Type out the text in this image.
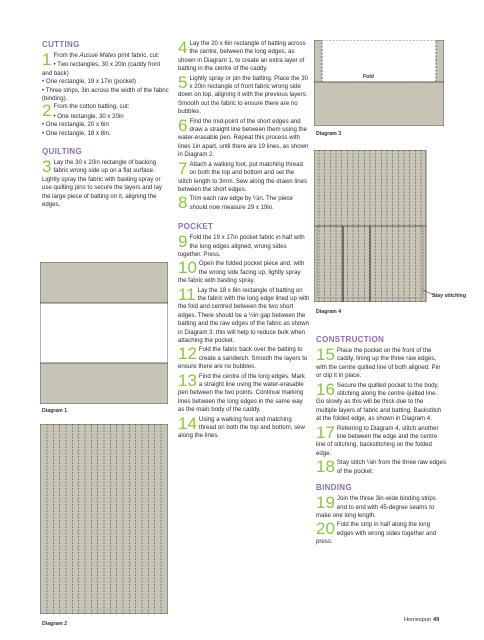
CUTTING
1 From the Aussie Mates print fabric, cut:

• Two rectangles, 30 x 20in (caddy front and back)

• One rectangle, 19 x 17in (pocket)

• Three strips, 3in across the width of the fabric (binding).

2 From the cotton batting, cut:

• One rectangle, 30 x 20in

• One rectangle, 20 x 6in

• One rectangle, 18 x 8in.

QUILTING
3 Lay the 30 x 20in rectangle of backing fabric wrong side up on a flat surface. Lightly spray the fabric with basting spray or use quilting pins to secure the layers and lay the large piece of batting on it, aligning the edges.
Diagram 1
Diagram 2
4 Lay the 20 x 6in rectangle of batting across the centre, between the long edges, as shown in Diagram 1, to create an extra layer of batting in the centre of the caddy.
5 Lightly spray or pin the batting. Place the 30 x 20in rectangle of front fabric wrong side down on top, aligning it with the previous layers. Smooth out the fabric to ensure there are no bubbles.
6 Find the mid-point of the short edges and draw a straight line between them using the water-erasable pen. Repeat this process with lines 1in apart, until there are 19 lines, as shown in Diagram 2.
7 Attach a walking foot, put matching thread on both the top and bottom and set the stitch length to 3mm. Sew along the drawn lines between the short edges.
8 Trim each raw edge by ¼in. The piece should now measure 29 x 19in.
POCKET
9 Fold the 19 x 17in pocket fabric in half with the long edges aligned, wrong sides together. Press.
10 Open the folded pocket piece and, with the wrong side facing up, lightly spray the fabric with basting spray.
11 Lay the 18 x 8in rectangle of batting on the fabric with the long edge lined up with the fold and centred between the two short edges. There should be a ½in gap between the batting and the raw edges of the fabric as shown in Diagram 3: this will help to reduce bulk when attaching the pocket.
12 Fold the fabric back over the batting to create a sandwich. Smooth the layers to ensure there are no bubbles.
13 Find the centre of the long edges. Mark a straight line using the water-erasable pen between the two points. Continue marking lines between the long edges in the same way as the main body of the caddy.
14 Using a walking foot and matching thread on both the top and bottom, sew along the lines.
Fold
Diagram 3
Stay stitching
Diagram 4
CONSTRUCTION
15 Place the pocket on the front of the caddy, lining up the three raw edges, with the centre quilted line of both aligned. Pin or clip it in place.
16 Secure the quilted pocket to the body, stitching along the centre quilted line. Go slowly as this will be thick due to the multiple layers of fabric and batting. Backstitch at the folded edge, as shown in Diagram 4.
17 Referring to Diagram 4, stitch another line between the edge and the centre line of stitching, backstitching on the folded edge.
18 Stay stitch ⅛in from the three raw edges of the pocket.
BINDING
19 Join the three 3in-wide binding strips end to end with 45-degree seams to make one long length.
20 Fold the strip in half along the long edges with wrong sides together and press.
Homespun 49
